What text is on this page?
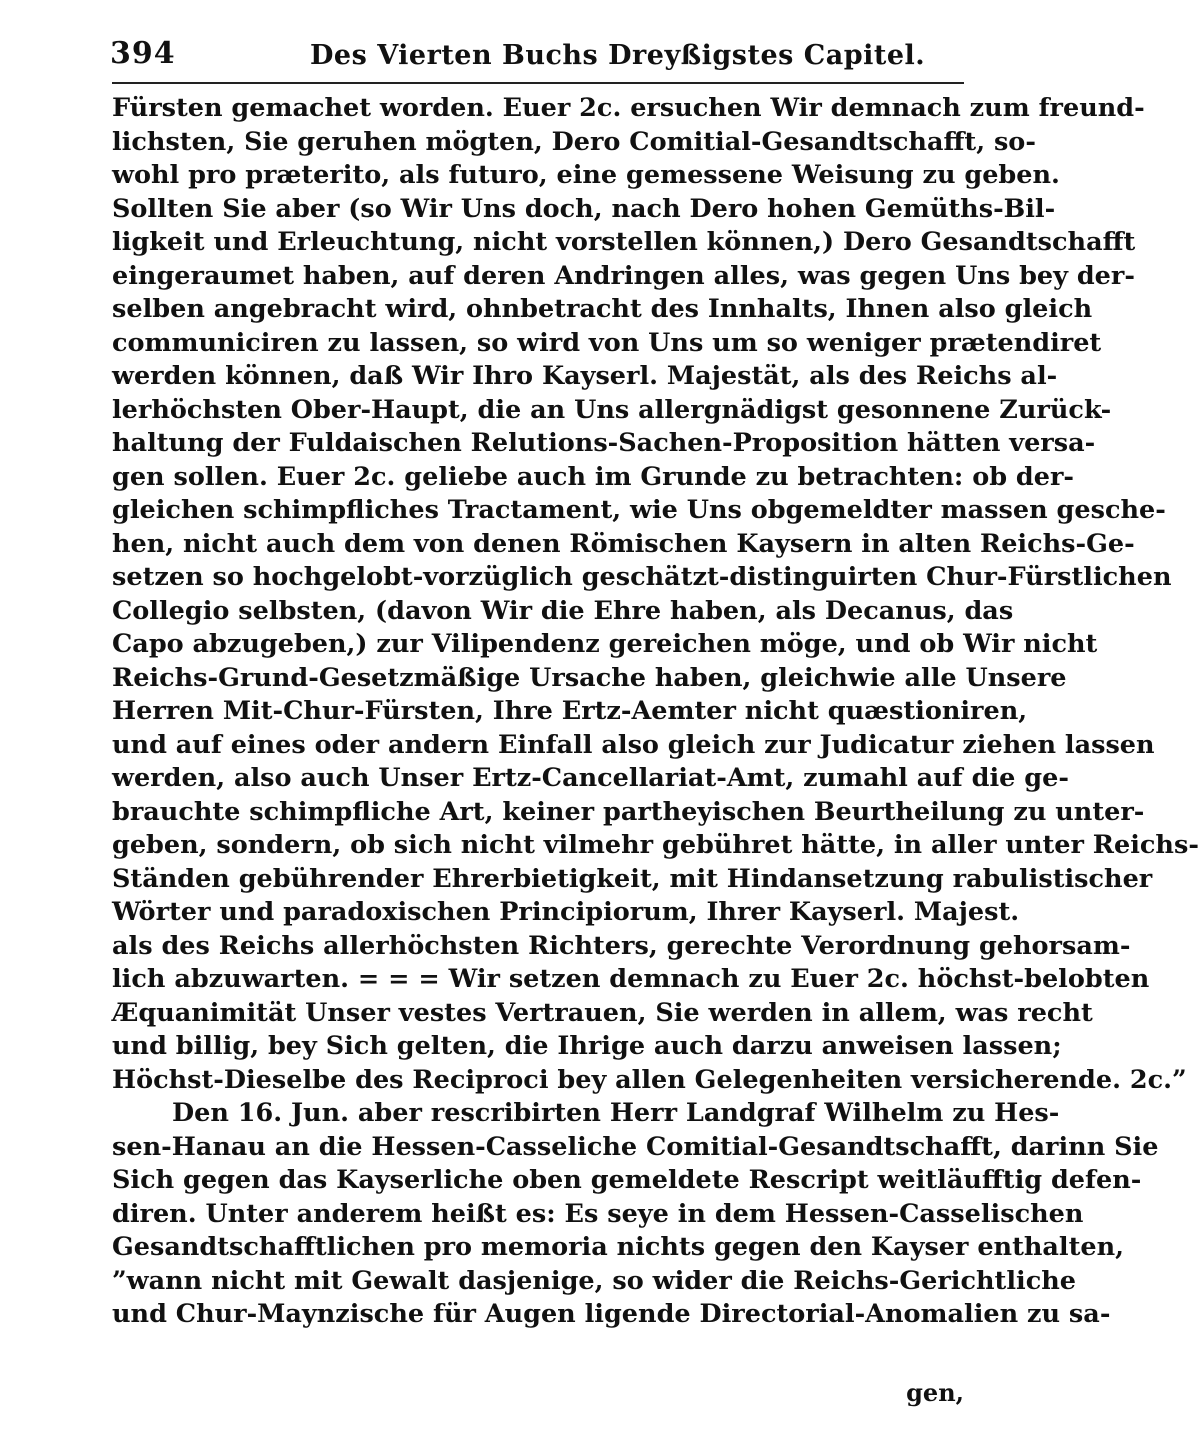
394	Des Vierten Buchs Dreyßigstes Capitel.
Fürsten gemachet worden. Euer 2c. ersuchen Wir demnach zum freund-
lichsten, Sie geruhen mögten, Dero Comitial-Gesandtschafft, so-
wohl pro præterito, als futuro, eine gemessene Weisung zu geben.
Sollten Sie aber (so Wir Uns doch, nach Dero hohen Gemüths-Bil-
ligkeit und Erleuchtung, nicht vorstellen können,) Dero Gesandtschafft
eingeraumet haben, auf deren Andringen alles, was gegen Uns bey der-
selben angebracht wird, ohnbetracht des Innhalts, Ihnen also gleich
communiciren zu lassen, so wird von Uns um so weniger prætendiret
werden können, daß Wir Ihro Kayserl. Majestät, als des Reichs al-
lerhöchsten Ober-Haupt, die an Uns allergnädigst gesonnene Zurück-
haltung der Fuldaischen Relutions-Sachen-Proposition hätten versa-
gen sollen. Euer 2c. geliebe auch im Grunde zu betrachten: ob der-
gleichen schimpfliches Tractament, wie Uns obgemeldter massen gesche-
hen, nicht auch dem von denen Römischen Kaysern in alten Reichs-Ge-
setzen so hochgelobt-vorzüglich geschätzt-distinguirten Chur-Fürstlichen
Collegio selbsten, (davon Wir die Ehre haben, als Decanus, das
Capo abzugeben,) zur Vilipendenz gereichen möge, und ob Wir nicht
Reichs-Grund-Gesetzmäßige Ursache haben, gleichwie alle Unsere
Herren Mit-Chur-Fürsten, Ihre Ertz-Aemter nicht quæstioniren,
und auf eines oder andern Einfall also gleich zur Judicatur ziehen lassen
werden, also auch Unser Ertz-Cancellariat-Amt, zumahl auf die ge-
brauchte schimpfliche Art, keiner partheyischen Beurtheilung zu unter-
geben, sondern, ob sich nicht vilmehr gebühret hätte, in aller unter Reichs-
Ständen gebührender Ehrerbietigkeit, mit Hindansetzung rabulistischer
Wörter und paradoxischen Principiorum, Ihrer Kayserl. Majest.
als des Reichs allerhöchsten Richters, gerechte Verordnung gehorsam-
lich abzuwarten. = = = Wir setzen demnach zu Euer 2c. höchst-belobten
Æquanimität Unser vestes Vertrauen, Sie werden in allem, was recht
und billig, bey Sich gelten, die Ihrige auch darzu anweisen lassen;
Höchst-Dieselbe des Reciproci bey allen Gelegenheiten versicherende. 2c.”
Den 16. Jun. aber rescribirten Herr Landgraf Wilhelm zu Hes-
sen-Hanau an die Hessen-Casseliche Comitial-Gesandtschafft, darinn Sie
Sich gegen das Kayserliche oben gemeldete Rescript weitläufftig defen-
diren. Unter anderem heißt es: Es seye in dem Hessen-Casselischen
Gesandtschafftlichen pro memoria nichts gegen den Kayser enthalten,
”wann nicht mit Gewalt dasjenige, so wider die Reichs-Gerichtliche
und Chur-Maynzische für Augen ligende Directorial-Anomalien zu sa-
gen,
